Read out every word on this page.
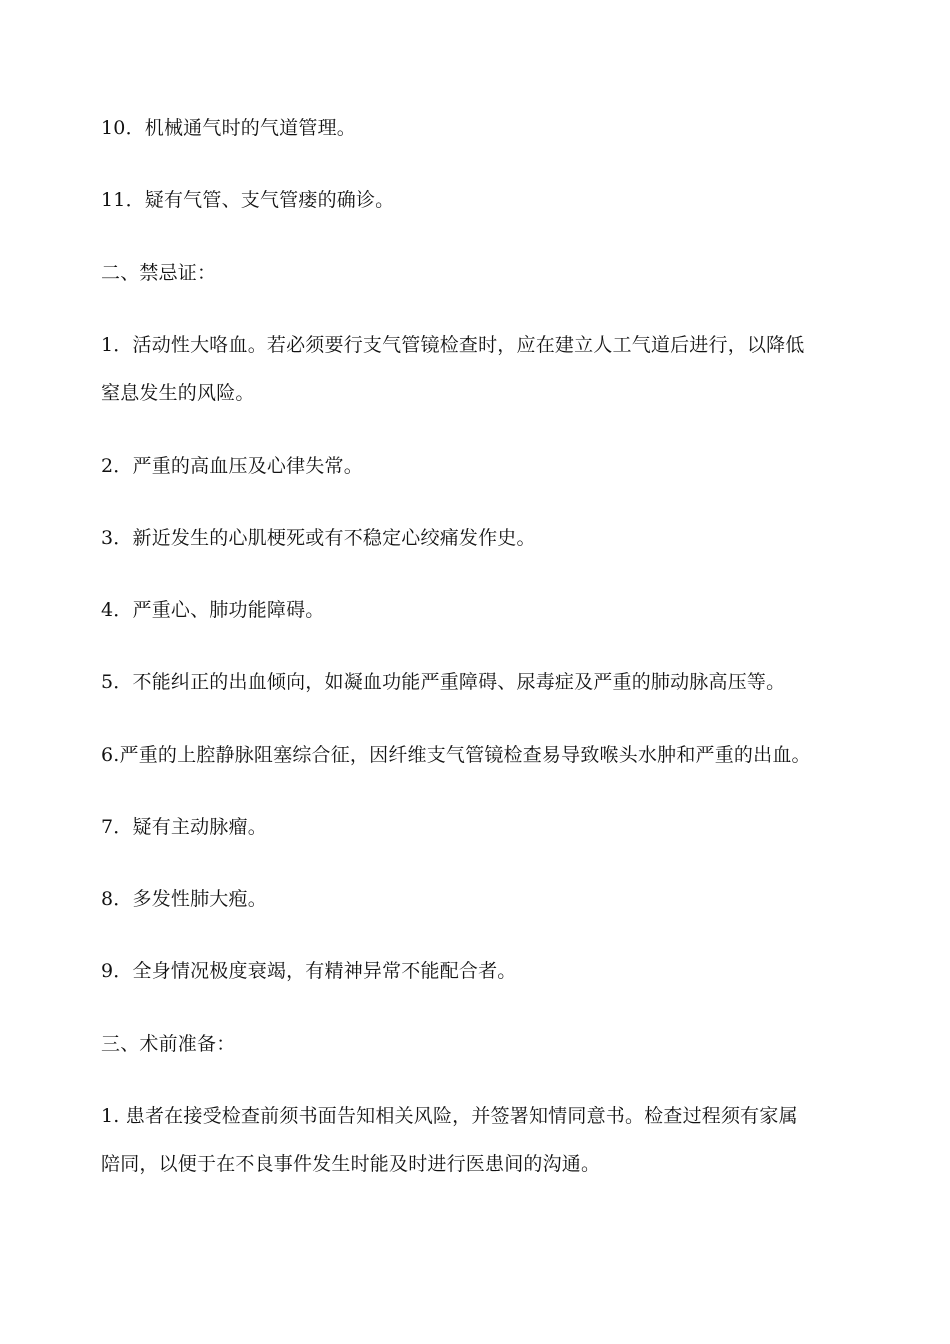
10．机械通气时的气道管理。
11．疑有气管、支气管瘘的确诊。
二、禁忌证：
1．活动性大咯血。若必须要行支气管镜检查时，应在建立人工气道后进行，以降低
窒息发生的风险。
2．严重的高血压及心律失常。
3．新近发生的心肌梗死或有不稳定心绞痛发作史。
4．严重心、肺功能障碍。
5．不能纠正的出血倾向，如凝血功能严重障碍、尿毒症及严重的肺动脉高压等。
6.严重的上腔静脉阻塞综合征，因纤维支气管镜检查易导致喉头水肿和严重的出血。
7．疑有主动脉瘤。
8．多发性肺大疱。
9．全身情况极度衰竭，有精神异常不能配合者。
三、术前准备：
1. 患者在接受检查前须书面告知相关风险，并签署知情同意书。检查过程须有家属
陪同，以便于在不良事件发生时能及时进行医患间的沟通。
